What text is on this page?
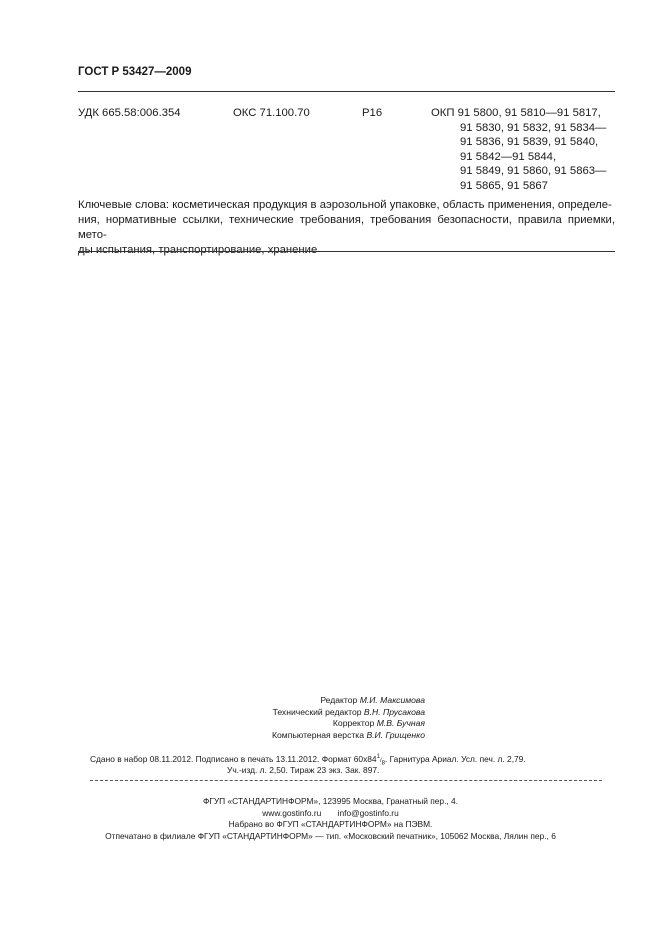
ГОСТ Р 53427—2009
УДК 665.58:006.354	ОКС 71.100.70	Р16	ОКП 91 5800, 91 5810—91 5817,
91 5830, 91 5832, 91 5834—
91 5836, 91 5839, 91 5840,
91 5842—91 5844,
91 5849, 91 5860, 91 5863—
91 5865, 91 5867
Ключевые слова: косметическая продукция в аэрозольной упаковке, область применения, определе-
ния, нормативные ссылки, технические требования, требования безопасности, правила приемки, мето-
ды испытания, транспортирование, хранение
Редактор М.И. Максимова
Технический редактор В.Н. Прусакова
Корректор М.В. Бучная
Компьютерная верстка В.И. Грищенко
Сдано в набор 08.11.2012. Подписано в печать 13.11.2012. Формат $60x84^1/_8$. Гарнитура Ариал. Усл. печ. л. 2,79.
Уч.-изд. л. 2,50. Тираж 23 экз. Зак. 897.
ФГУП «СТАНДАРТИНФОРМ», 123995 Москва, Гранатный пер., 4.
www.gostinfo.ru info@gostinfo.ru
Набрано во ФГУП «СТАНДАРТИНФОРМ» на ПЭВМ.
Отпечатано в филиале ФГУП «СТАНДАРТИНФОРМ» — тип. «Московский печатник», 105062 Москва, Лялин пер., 6
